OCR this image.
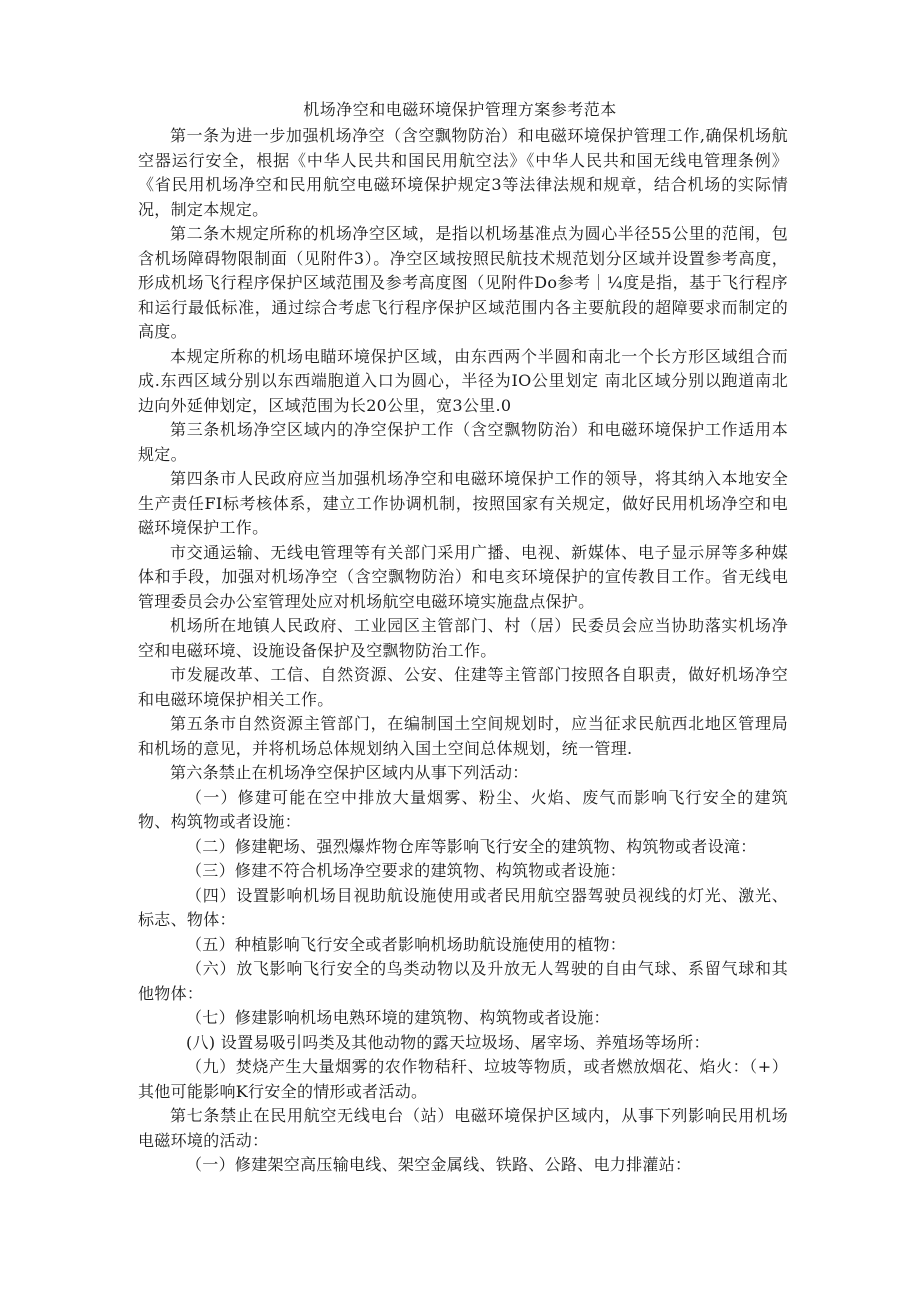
机场净空和电磁环境保护管理方案参考范本

第一条为进一步加强机场净空（含空飘物防治）和电磁环境保护管理工作,确保机场航空器运行安全，根据《中华人民共和国民用航空法》《中华人民共和国无线电管理条例》《省民用机场净空和民用航空电磁环境保护规定3等法律法规和规章，结合机场的实际情况，制定本规定。

第二条木规定所称的机场净空区域，是指以机场基准点为圆心半径55公里的范闱，包含机场障碍物限制面（见附件3）。净空区域按照民航技术规范划分区域并设置参考高度，形成机场飞行程序保护区域范围及参考高度图（见附件Do参考｜¼度是指，基于飞行程序和运行最低标准，通过综合考虑飞行程序保护区域范围内各主要航段的超障要求而制定的高度。

本规定所称的机场电瞄环境保护区域，由东西两个半圆和南北一个长方形区域组合而成.东西区域分别以东西端胞道入口为圆心，半径为IO公里划定 南北区域分别以跑道南北边向外延伸划定，区域范围为长20公里，宽3公里.0

第三条机场净空区域内的净空保护工作（含空飘物防治）和电磁环境保护工作适用本规定。

第四条市人民政府应当加强机场净空和电磁环境保护工作的领导，将其纳入本地安全生产责任FI标考核体系，建立工作协调机制，按照国家有关规定，做好民用机场净空和电磁环境保护工作。

市交通运输、无线电管理等有关部门采用广播、电视、新媒体、电子显示屏等多种媒体和手段，加强对机场净空（含空飘物防治）和电亥环境保护的宣传教目工作。省无线电管理委员会办公室管理处应对机场航空电磁环境实施盘点保护。

机场所在地镇人民政府、工业园区主管部门、村（居）民委员会应当协助落实机场净空和电磁环境、设施设备保护及空飘物防治工作。

市发屣改革、工信、自然资源、公安、住建等主管部门按照各自职责，做好机场净空和电磁环境保护相关工作。

第五条市自然资源主管部门，在编制国土空间规划时，应当征求民航西北地区管理局和机场的意见，并将机场总体规划纳入国土空间总体规划，统一管理.

第六条禁止在机场净空保护区域内从事下列活动：

（一）修建可能在空中排放大量烟雾、粉尘、火焰、废气而影响飞行安全的建筑物、构筑物或者设施：

（二）修建靶场、强烈爆炸物仓库等影响飞行安全的建筑物、构筑物或者设滝：

（三）修建不符合机场净空要求的建筑物、构筑物或者设施：

（四）设置影响机场目视助航设施使用或者民用航空器驾驶员视线的灯光、激光、标志、物体：

（五）种植影响飞行安全或者影响机场助航设施使用的植物：

（六）放飞影响飞行安全的鸟类动物以及升放无人驾驶的自由气球、系留气球和其他物体：

（七）修建影响机场电熟环境的建筑物、构筑物或者设施：

(八) 设置易吸引吗类及其他动物的露天垃圾场、屠宰场、养殖场等场所：

（九）焚烧产生大量烟雾的农作物秸秆、垃坡等物质，或者燃放烟花、焰火：（+）其他可能影响K行安全的情形或者活动。

第七条禁止在民用航空无线电台（站）电磁环境保护区域内，从事下列影响民用机场电磁环境的活动：

（一）修建架空高压输电线、架空金属线、铁路、公路、电力排灌站：
